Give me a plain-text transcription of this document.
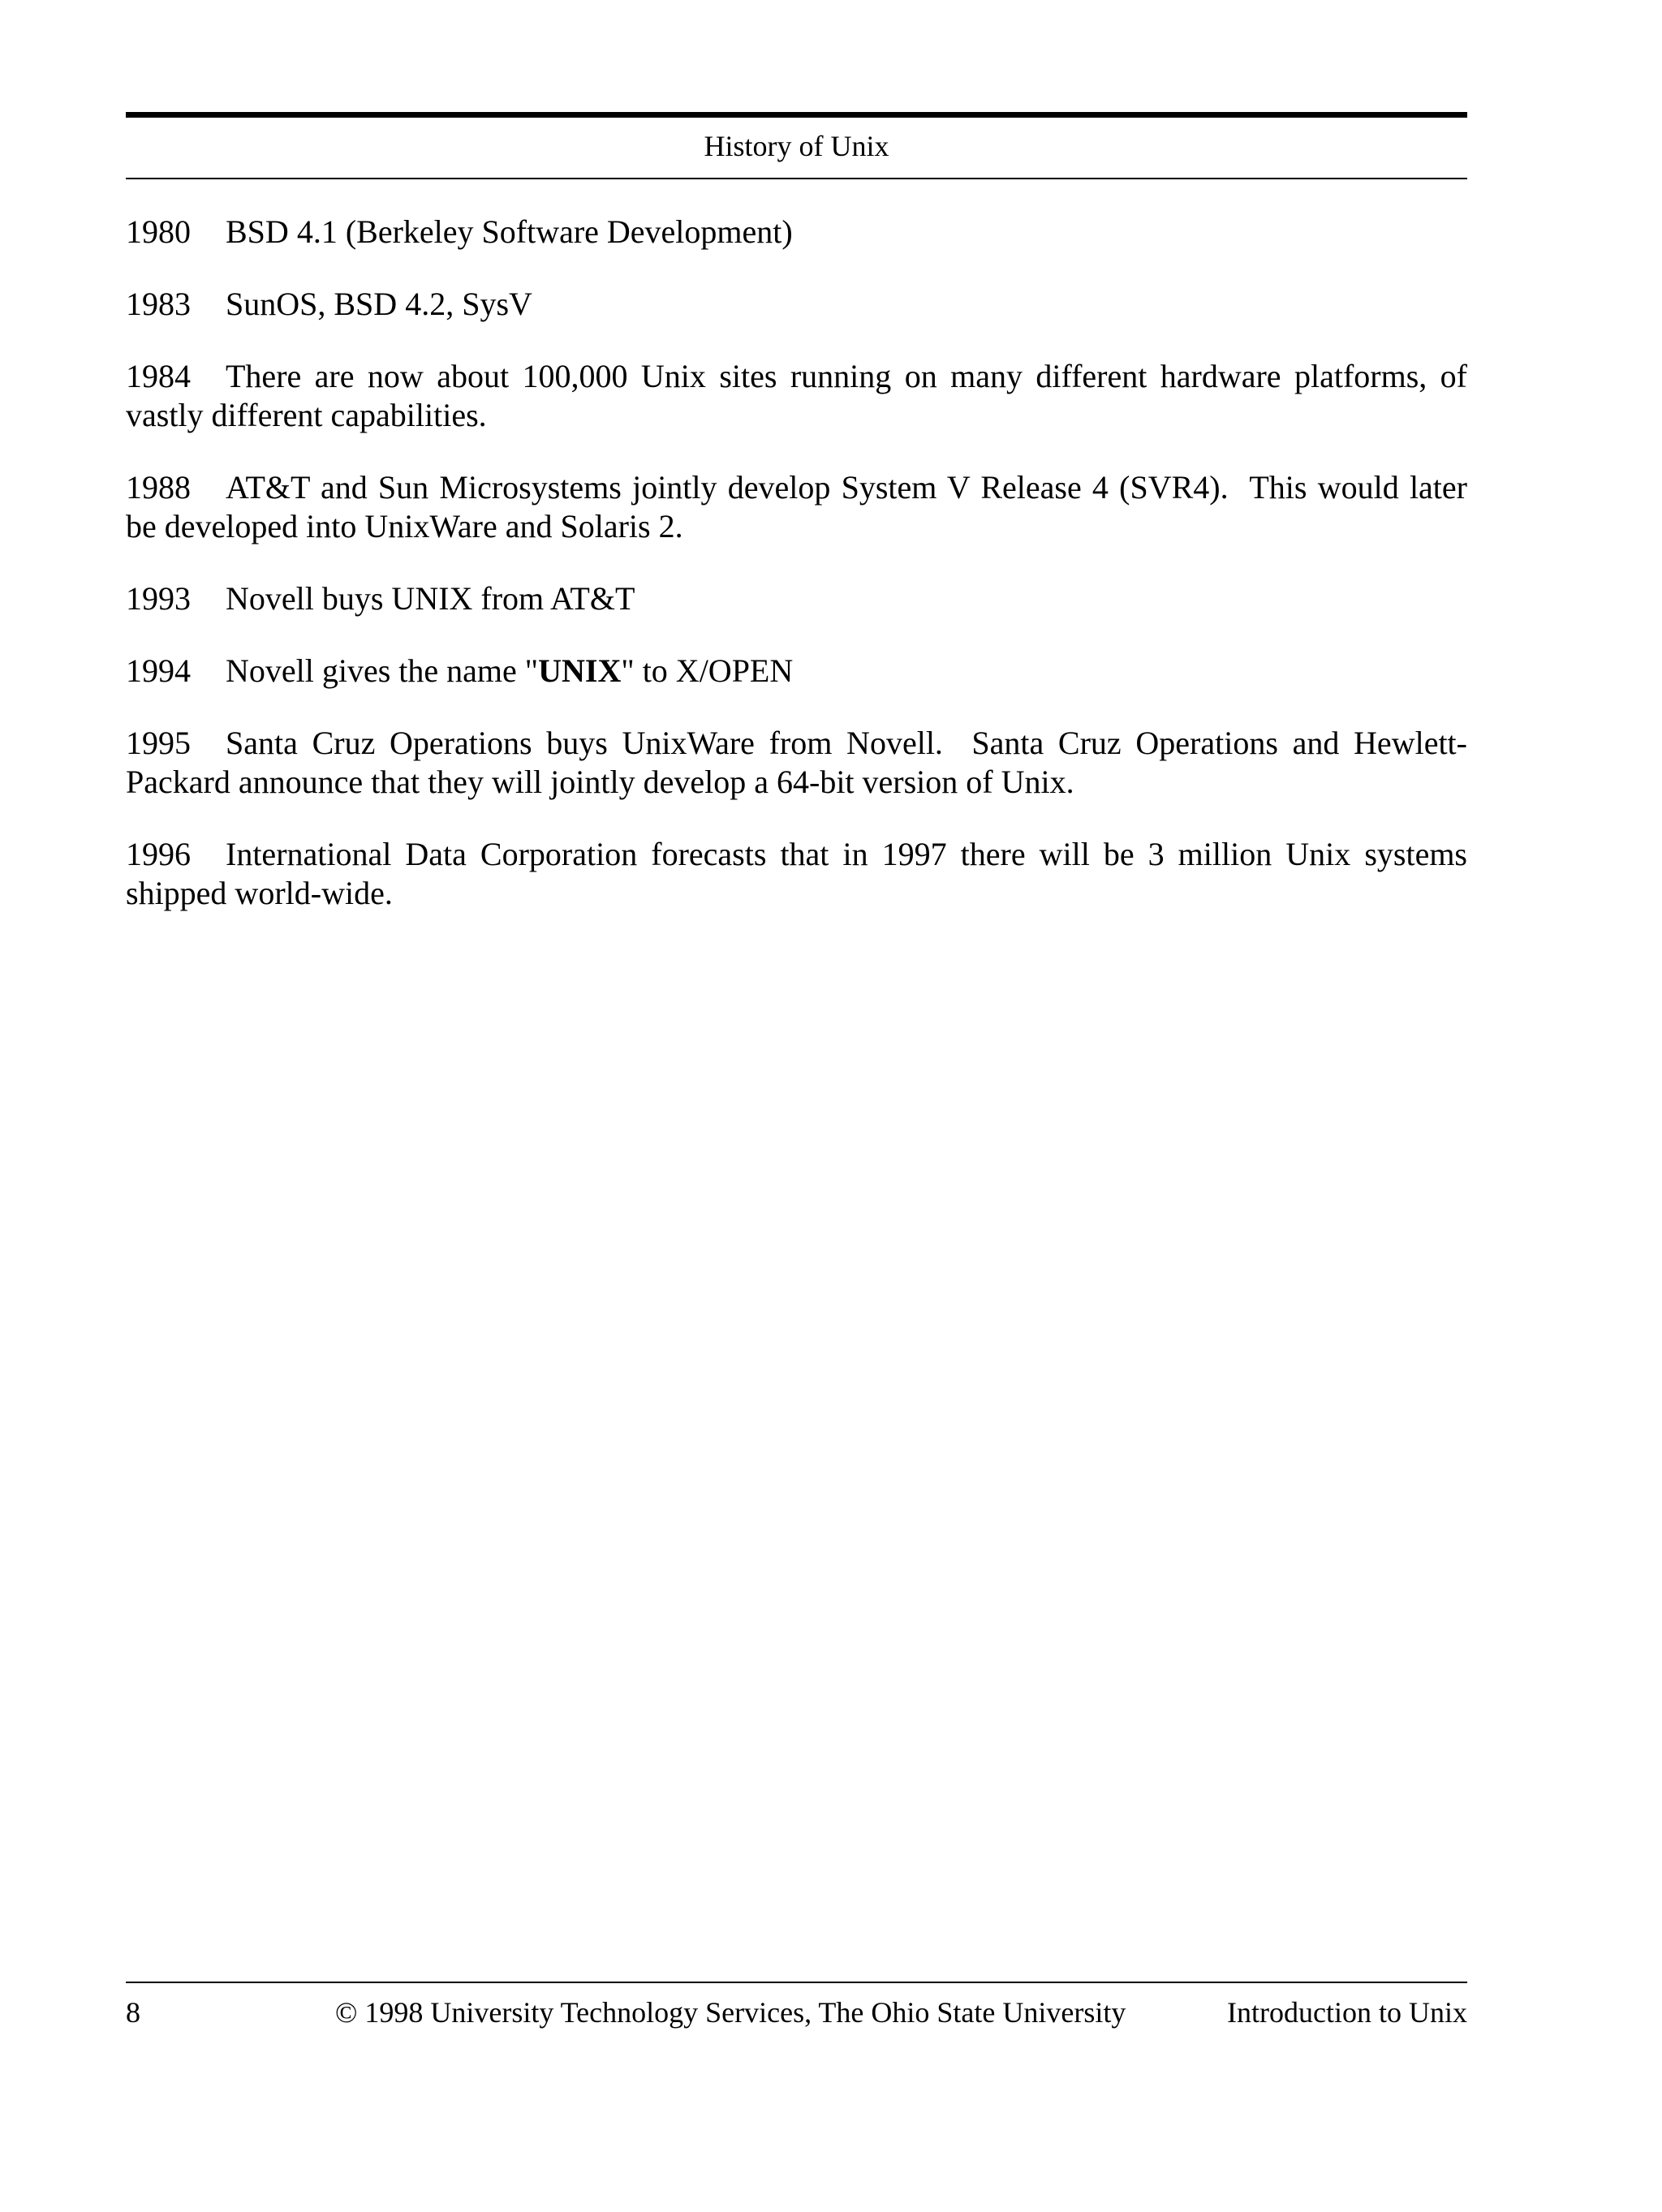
History of Unix

1980 BSD 4.1 (Berkeley Software Development)

1983 SunOS, BSD 4.2, SysV

1984 There are now about 100,000 Unix sites running on many different hardware platforms, of vastly different capabilities.

1988 AT&T and Sun Microsystems jointly develop System V Release 4 (SVR4).  This would later be developed into UnixWare and Solaris 2.

1993 Novell buys UNIX from AT&T

1994 Novell gives the name "UNIX" to X/OPEN

1995 Santa Cruz Operations buys UnixWare from Novell.  Santa Cruz Operations and Hewlett-Packard announce that they will jointly develop a 64-bit version of Unix.

1996 International Data Corporation forecasts that in 1997 there will be 3 million Unix systems shipped world-wide.

8	© 1998 University Technology Services, The Ohio State University	Introduction to Unix
